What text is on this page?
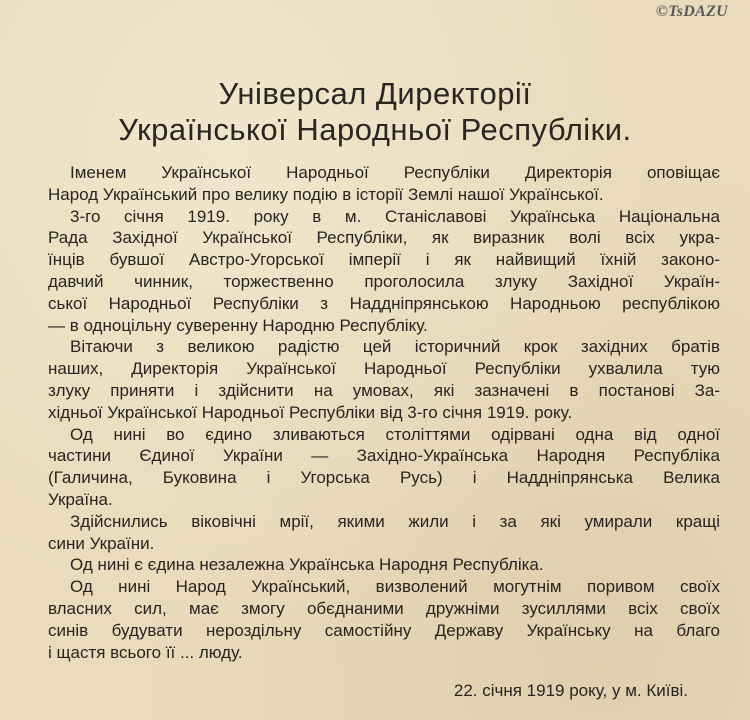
©TsDAZU
Універсал Директорії
Української Народньої Республіки.
Іменем Української Народньої Республіки Директорія оповіщає
Народ Український про велику подію в історії Землі нашої Української.
3-го січня 1919. року в м. Станіславові Українська Національна
Рада Західної Української Республіки, як виразник волі всіх укра-
їнців бувшої Австро-Угорської імперії і як найвищий їхній законо-
давчий чинник, торжественно проголосила злуку Західної Україн-
ської Народньої Республіки з Наддніпрянською Народньою республікою
— в одноцільну суверенну Народню Республіку.
Вітаючи з великою радістю цей історичний крок західних братів
наших, Директорія Української Народньої Республіки ухвалила тую
злуку приняти і здійснити на умовах, які зазначені в постанові За-
хідньої Української Народньої Республіки від 3-го січня 1919. року.
Од нині во єдино зливаються століттями одірвані одна від одної
частини Єдиної України — Західно-Українська Народня Республіка
(Галичина, Буковина і Угорська Русь) і Наддніпрянська Велика
Україна.
Здійснились віковічні мрії, якими жили і за які умирали кращі
сини України.
Од нині є єдина незалежна Українська Народня Республіка.
Од нині Народ Український, визволений могутнім поривом своїх
власних сил, має змогу обєднаними дружніми зусиллями всіх своїх
синів будувати нероздільну самостійну Державу Українську на благо
і щастя всього її ... люду.
22. січня 1919 року, у м. Київі.
